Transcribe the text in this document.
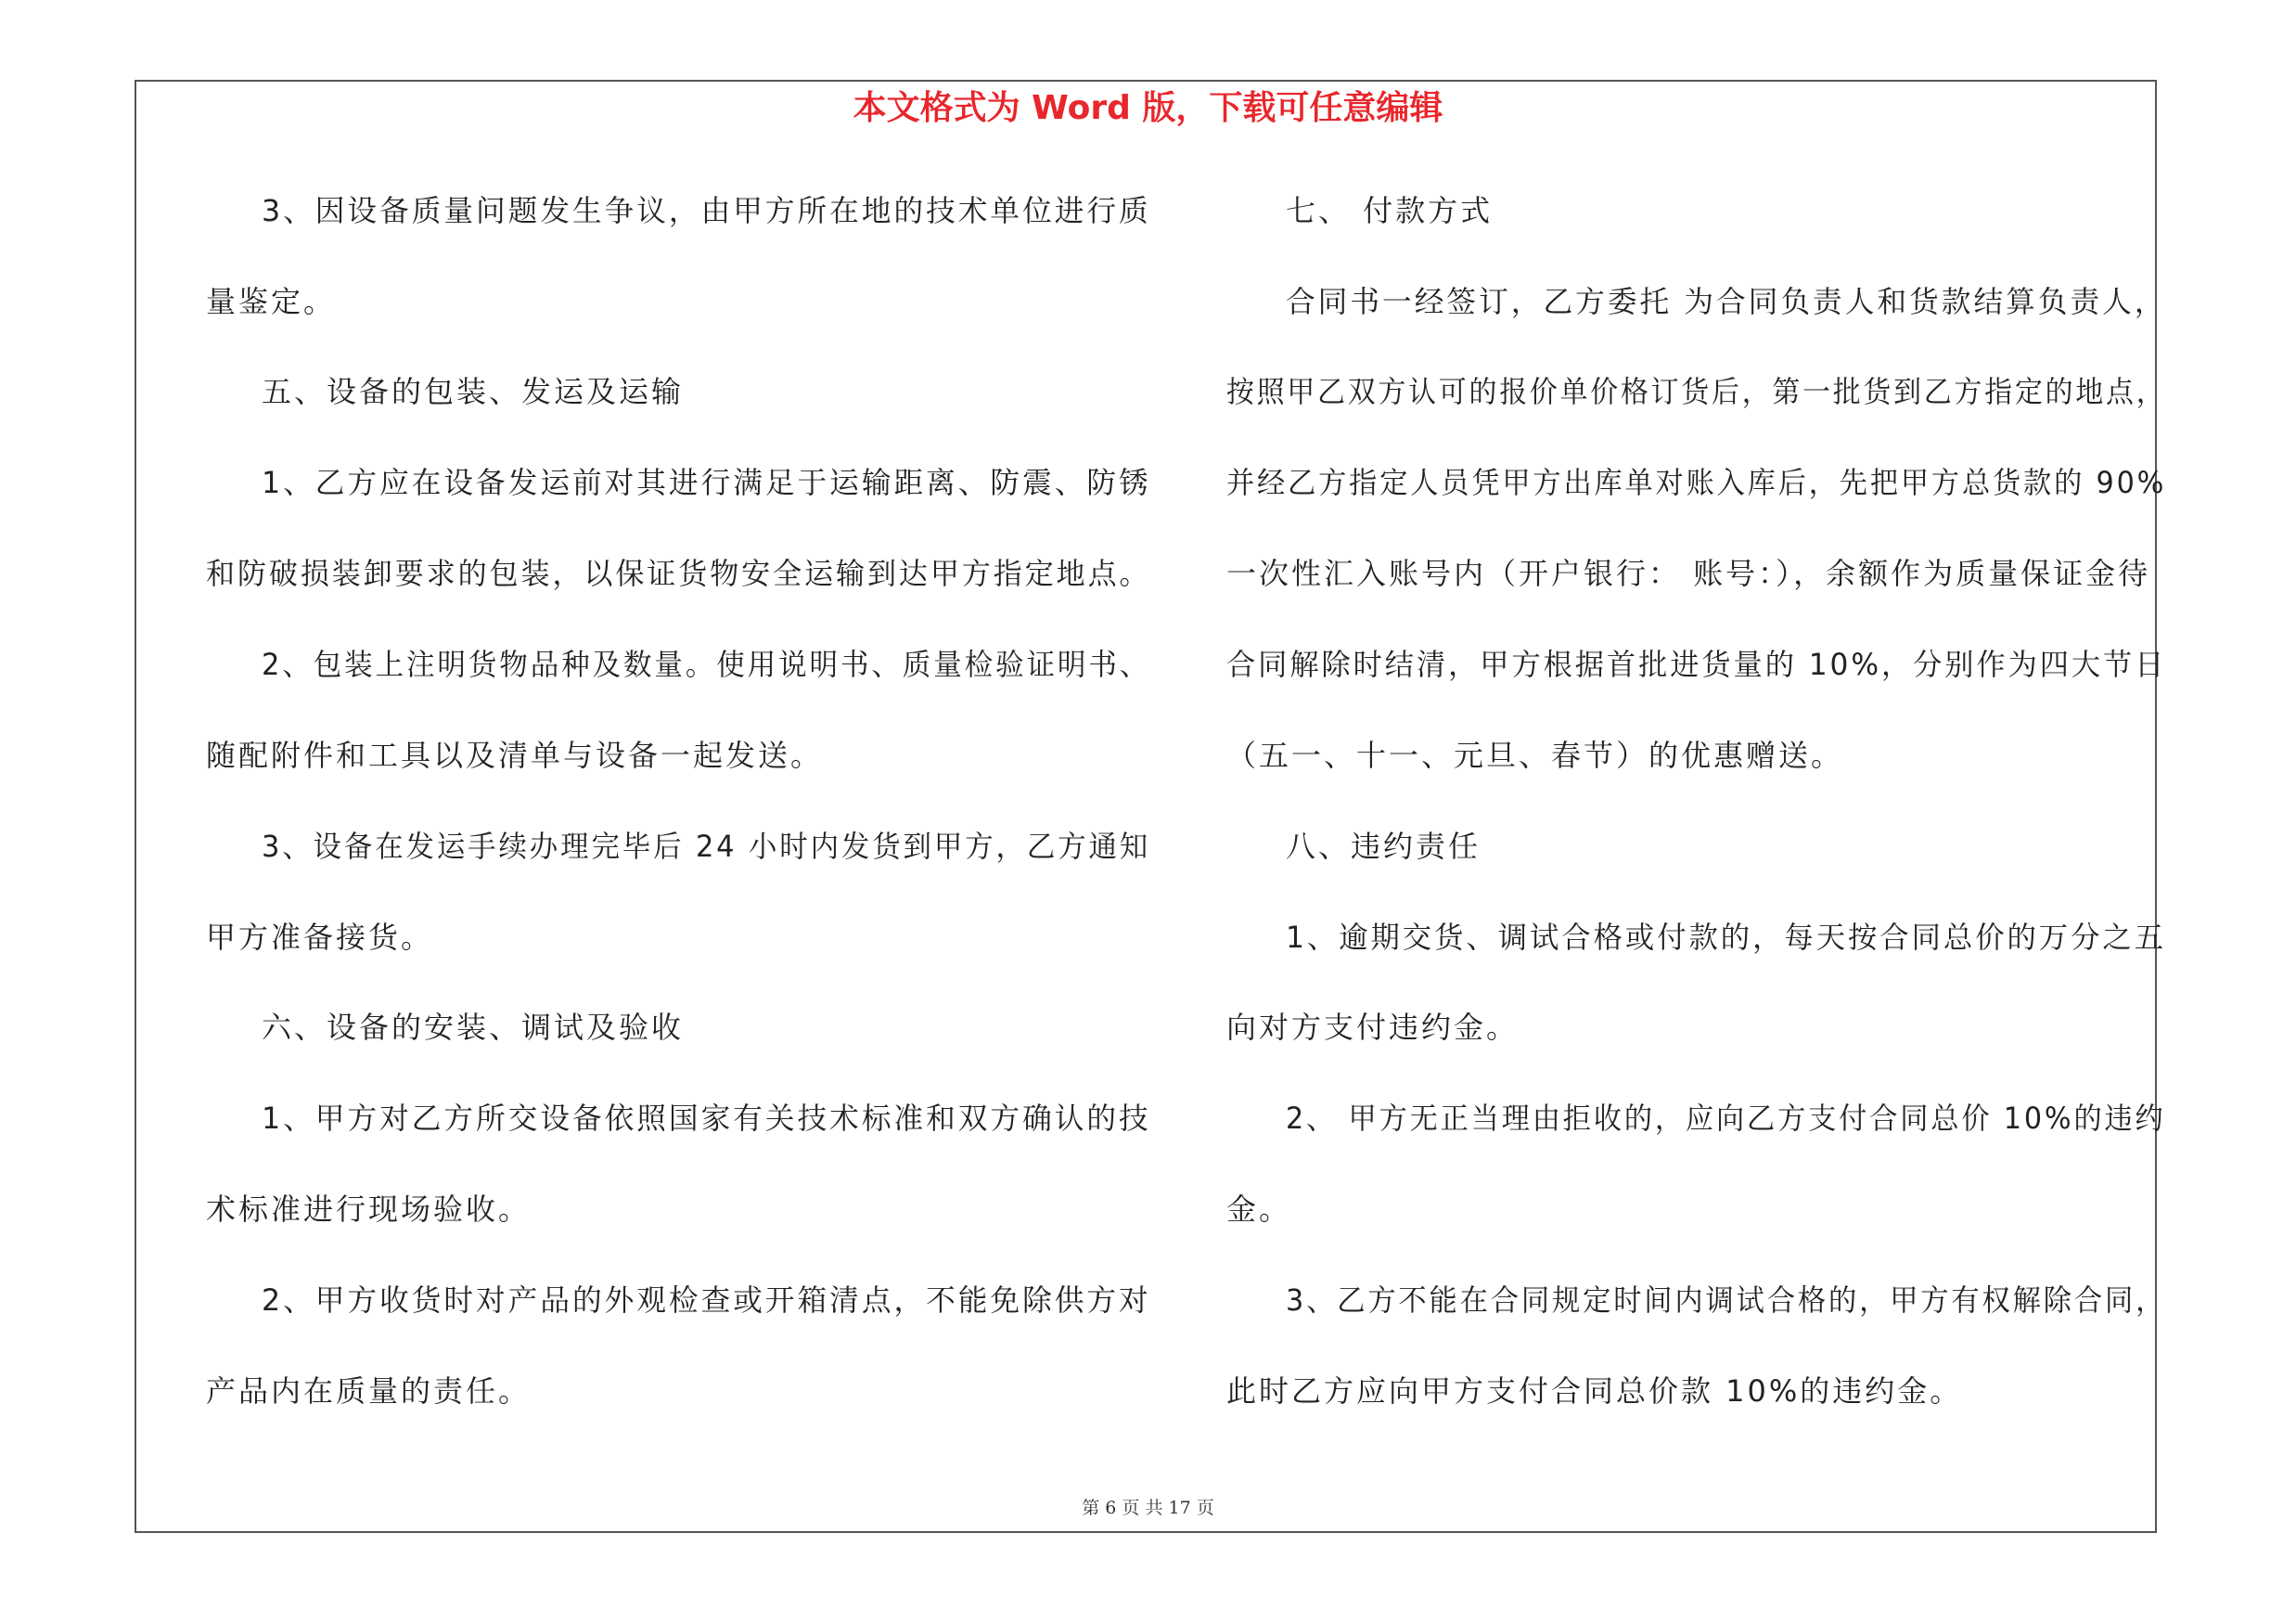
本文格式为 Word 版，下载可任意编辑
3、因设备质量问题发生争议，由甲方所在地的技术单位进行质
量鉴定。
五、设备的包装、发运及运输
1、乙方应在设备发运前对其进行满足于运输距离、防震、防锈
和防破损装卸要求的包装，以保证货物安全运输到达甲方指定地点。
2、包装上注明货物品种及数量。使用说明书、质量检验证明书、
随配附件和工具以及清单与设备一起发送。
3、设备在发运手续办理完毕后 24 小时内发货到甲方，乙方通知
甲方准备接货。
六、设备的安装、调试及验收
1、甲方对乙方所交设备依照国家有关技术标准和双方确认的技
术标准进行现场验收。
2、甲方收货时对产品的外观检查或开箱清点，不能免除供方对
产品内在质量的责任。
七、 付款方式
合同书一经签订，乙方委托 为合同负责人和货款结算负责人，
按照甲乙双方认可的报价单价格订货后，第一批货到乙方指定的地点，
并经乙方指定人员凭甲方出库单对账入库后，先把甲方总货款的 90%
一次性汇入账号内（开户银行： 账号：），余额作为质量保证金待
合同解除时结清，甲方根据首批进货量的 10%，分别作为四大节日
（五一、十一、元旦、春节）的优惠赠送。
八、违约责任
1、逾期交货、调试合格或付款的，每天按合同总价的万分之五
向对方支付违约金。
2、 甲方无正当理由拒收的，应向乙方支付合同总价 10%的违约
金。
3、乙方不能在合同规定时间内调试合格的，甲方有权解除合同，
此时乙方应向甲方支付合同总价款 10%的违约金。
第 6 页 共 17 页
